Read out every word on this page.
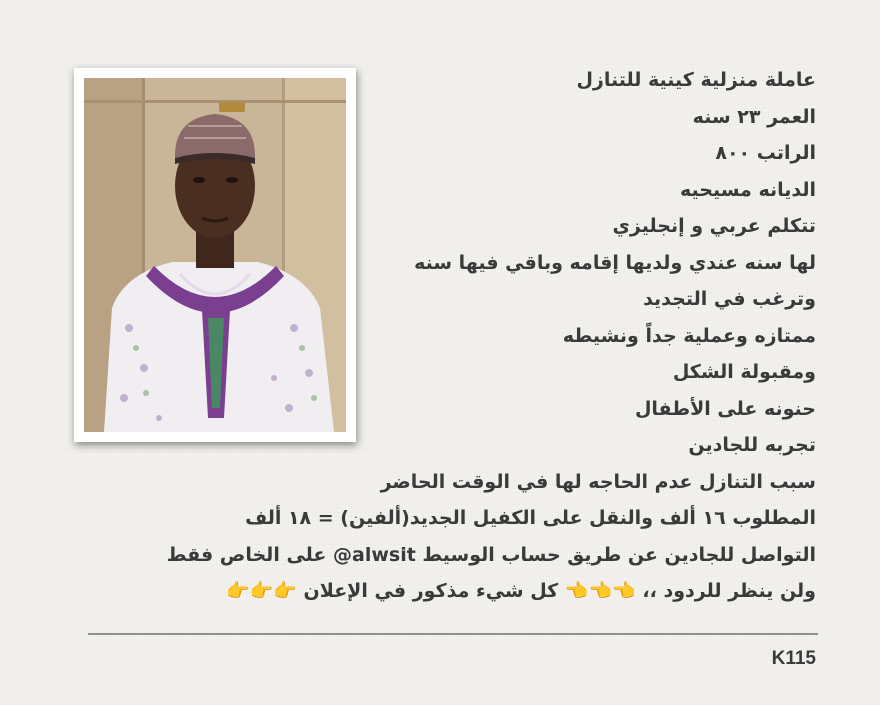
عاملة منزلية كينية للتنازل
العمر ٢٣ سنه
الراتب ٨٠٠
الديانه مسيحيه
تتكلم عربي و إنجليزي
لها سنه عندي ولديها إقامه وباقي فيها سنه
وترغب في التجديد
ممتازه وعملية جداً ونشيطه
ومقبولة الشكل
حنونه على الأطفال
تجربه للجادين
سبب التنازل عدم الحاجه لها في الوقت الحاضر
المطلوب ١٦ ألف والنقل على الكفيل الجديد(ألفين) = ١٨ ألف
التواصل للجادين عن طريق حساب الوسيط alwsit@ على الخاص فقط
ولن ينظر للردود ،، 👈👈👈 كل شيء مذكور في الإعلان 👉👉👉
K115
